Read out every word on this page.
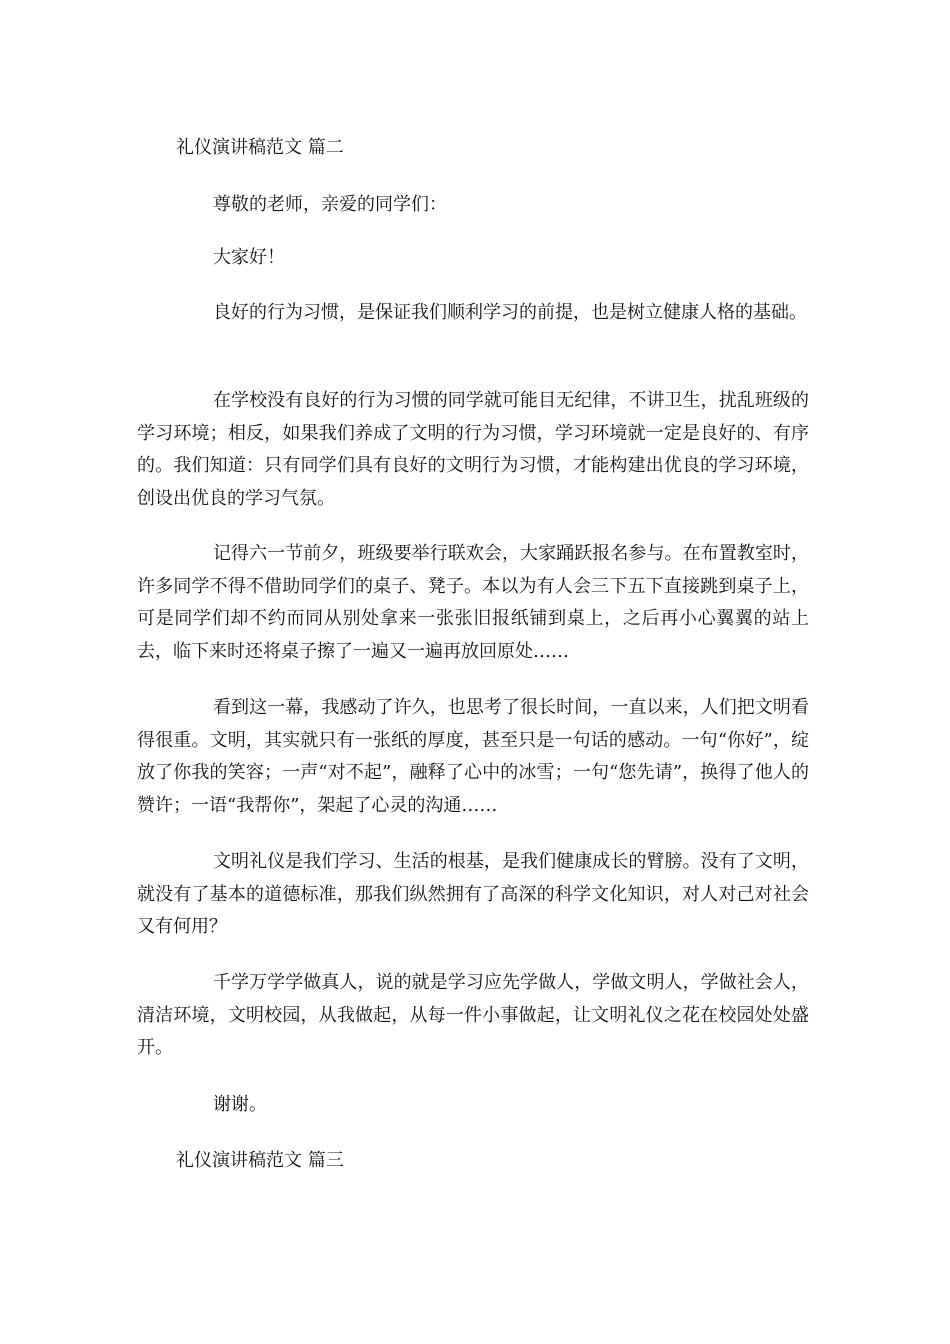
礼仪演讲稿范文 篇二
尊敬的老师，亲爱的同学们：
大家好！
良好的行为习惯，是保证我们顺利学习的前提，也是树立健康人格的基础。
在学校没有良好的行为习惯的同学就可能目无纪律，不讲卫生，扰乱班级的学习环境；相反，如果我们养成了文明的行为习惯，学习环境就一定是良好的、有序的。我们知道：只有同学们具有良好的文明行为习惯，才能构建出优良的学习环境，创设出优良的学习气氛。
记得六一节前夕，班级要举行联欢会，大家踊跃报名参与。在布置教室时，许多同学不得不借助同学们的桌子、凳子。本以为有人会三下五下直接跳到桌子上，可是同学们却不约而同从别处拿来一张张旧报纸铺到桌上，之后再小心翼翼的站上去，临下来时还将桌子擦了一遍又一遍再放回原处……
看到这一幕，我感动了许久，也思考了很长时间，一直以来，人们把文明看得很重。文明，其实就只有一张纸的厚度，甚至只是一句话的感动。一句“你好”，绽放了你我的笑容；一声“对不起”，融释了心中的冰雪；一句“您先请”，换得了他人的赞许；一语“我帮你”，架起了心灵的沟通……
文明礼仪是我们学习、生活的根基，是我们健康成长的臂膀。没有了文明，就没有了基本的道德标准，那我们纵然拥有了高深的科学文化知识，对人对己对社会又有何用？
千学万学学做真人，说的就是学习应先学做人，学做文明人，学做社会人，清洁环境，文明校园，从我做起，从每一件小事做起，让文明礼仪之花在校园处处盛开。
谢谢。
礼仪演讲稿范文 篇三
